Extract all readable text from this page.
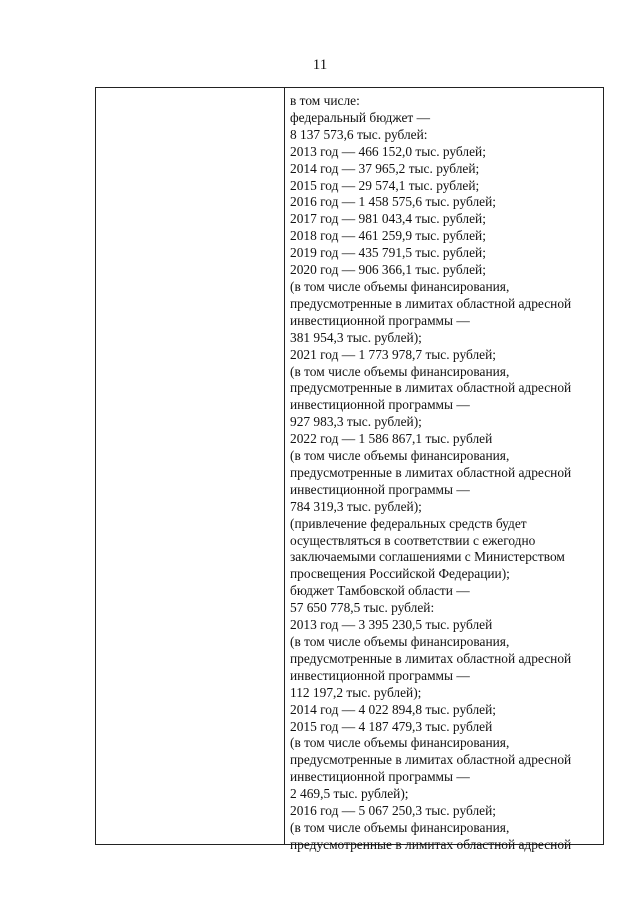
11
в том числе:
федеральный бюджет —
8 137 573,6 тыс. рублей:
2013 год — 466 152,0 тыс. рублей;
2014 год — 37 965,2 тыс. рублей;
2015 год — 29 574,1 тыс. рублей;
2016 год — 1 458 575,6 тыс. рублей;
2017 год — 981 043,4 тыс. рублей;
2018 год — 461 259,9 тыс. рублей;
2019 год — 435 791,5 тыс. рублей;
2020 год — 906 366,1 тыс. рублей;
(в том числе объемы финансирования,
предусмотренные в лимитах областной адресной
инвестиционной программы —
381 954,3 тыс. рублей);
2021 год — 1 773 978,7 тыс. рублей;
(в том числе объемы финансирования,
предусмотренные в лимитах областной адресной
инвестиционной программы —
927 983,3 тыс. рублей);
2022 год — 1 586 867,1 тыс. рублей
(в том числе объемы финансирования,
предусмотренные в лимитах областной адресной
инвестиционной программы —
784 319,3 тыс. рублей);
(привлечение федеральных средств будет
осуществляться в соответствии с ежегодно
заключаемыми соглашениями с Министерством
просвещения Российской Федерации);
бюджет Тамбовской области —
57 650 778,5 тыс. рублей:
2013 год — 3 395 230,5 тыс. рублей
(в том числе объемы финансирования,
предусмотренные в лимитах областной адресной
инвестиционной программы —
112 197,2 тыс. рублей);
2014 год — 4 022 894,8 тыс. рублей;
2015 год — 4 187 479,3 тыс. рублей
(в том числе объемы финансирования,
предусмотренные в лимитах областной адресной
инвестиционной программы —
2 469,5 тыс. рублей);
2016 год — 5 067 250,3 тыс. рублей;
(в том числе объемы финансирования,
предусмотренные в лимитах областной адресной
